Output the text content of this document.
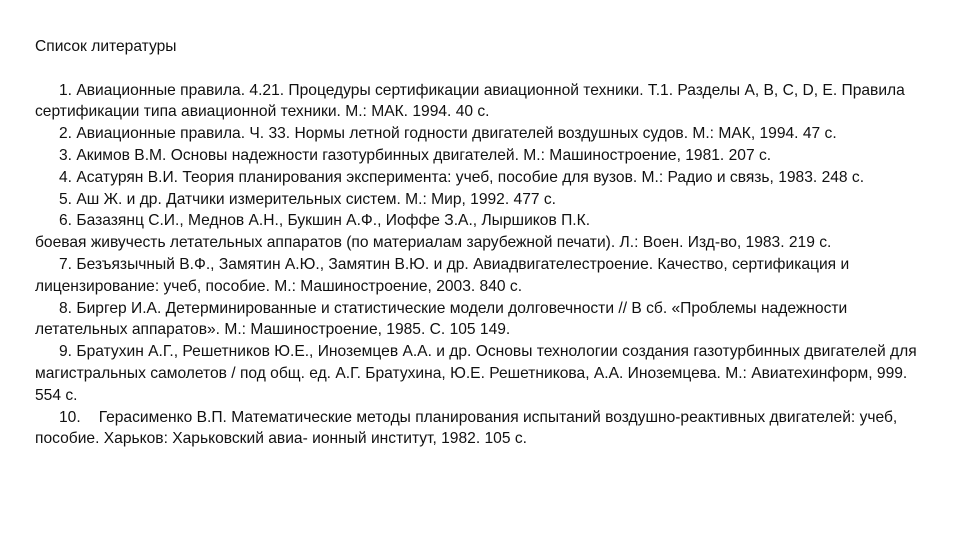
Список литературы

1. Авиационные правила. 4.21. Процедуры сертификации авиационной техники. Т.1. Разделы А, В, С, D, Е. Правила сертификации типа авиационной техники. М.: МАК. 1994. 40 с.

2. Авиационные правила. Ч. 33. Нормы летной годности двигателей воздушных судов. М.: МАК, 1994. 47 с.

3. Акимов В.М. Основы надежности газотурбинных двигателей. М.: Машиностроение, 1981. 207 с.

4. Асатурян В.И. Теория планирования эксперимента: учеб, пособие для вузов. М.: Радио и связь, 1983. 248 с.

5. Аш Ж. и др. Датчики измерительных систем. М.: Мир, 1992. 477 с.

6. Базазянц С.И., Меднов А.Н., Букшин А.Ф., Иоффе З.А., Лыршиков П.К.

боевая живучесть летательных аппаратов (по материалам зарубежной печати). Л.: Воен. Изд-во, 1983. 219 с.

7. Безъязычный В.Ф., Замятин А.Ю., Замятин В.Ю. и др. Авиадвигателестроение. Качество, сертификация и лицензирование: учеб, пособие. М.: Машиностроение, 2003. 840 с.

8. Биргер И.А. Детерминированные и статистические модели долговечности // В сб. «Проблемы надежности летательных аппаратов». М.: Машиностроение, 1985. С. 105 149.

9. Братухин А.Г., Решетников Ю.Е., Иноземцев А.А. и др. Основы технологии создания газотурбинных двигателей для магистральных самолетов / под общ. ед. А.Г. Братухина, Ю.Е. Решетникова, А.А. Иноземцева. М.: Авиатехинформ, 999. 554 с.

10. Герасименко В.П. Математические методы планирования испытаний воздушно-реактивных двигателей: учеб, пособие. Харьков: Харьковский авиа- ионный институт, 1982. 105 с.
